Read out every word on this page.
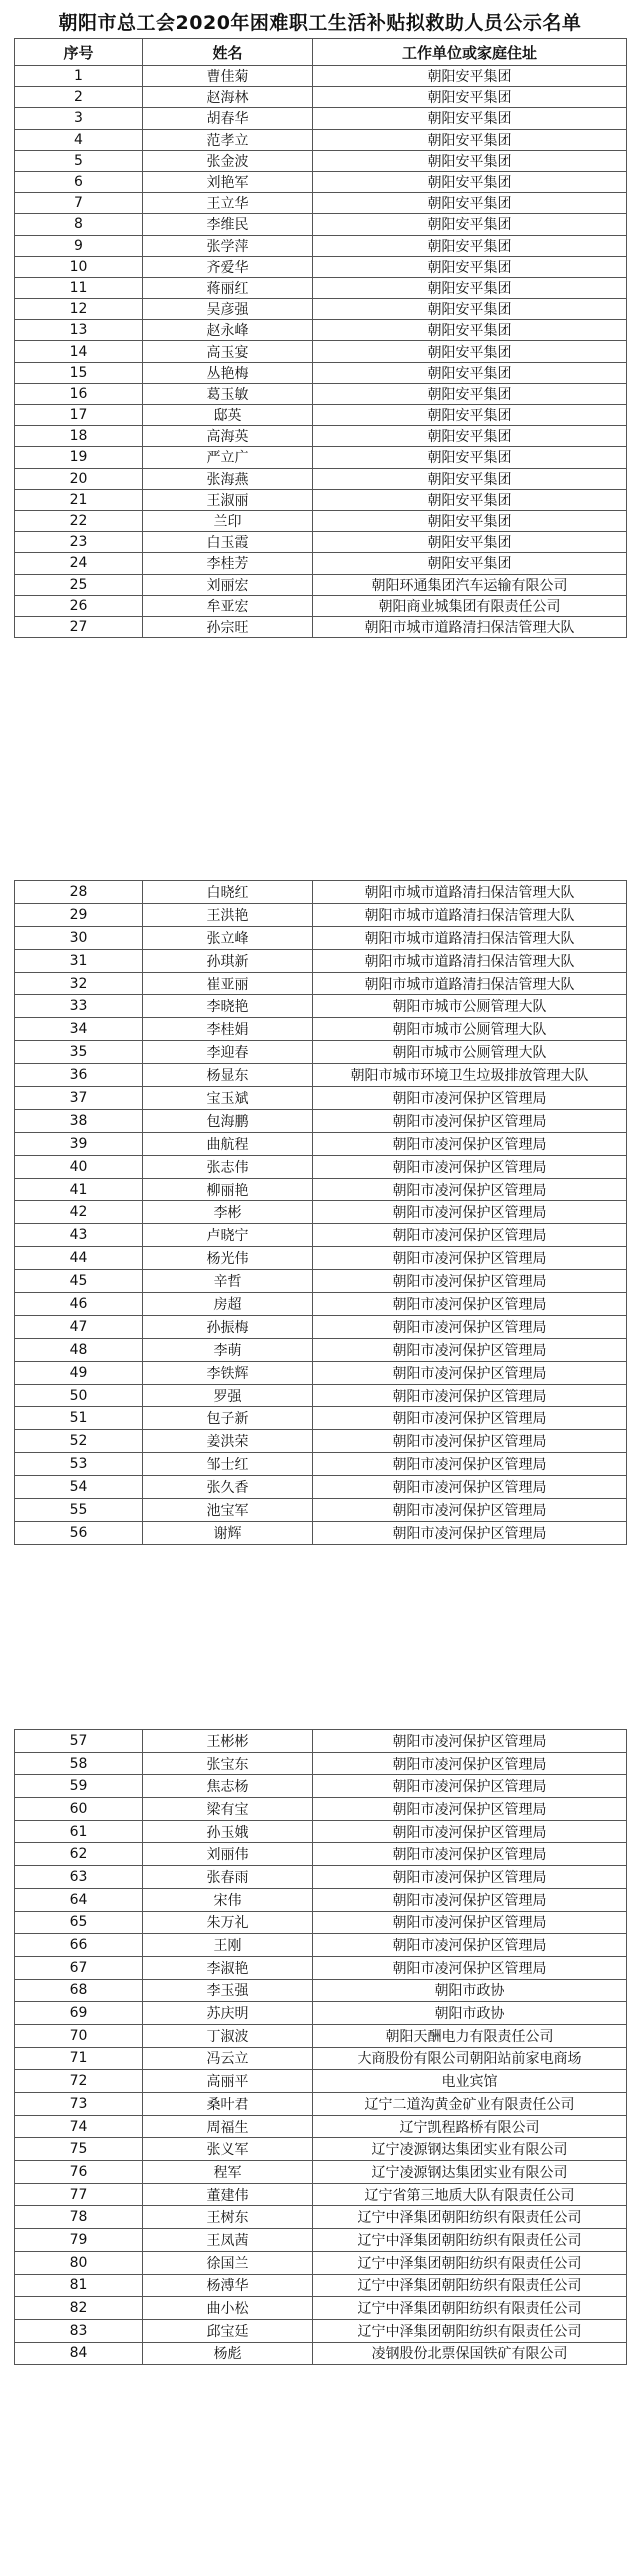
朝阳市总工会2020年困难职工生活补贴拟救助人员公示名单
序号	姓名	工作单位或家庭住址
1	曹佳菊	朝阳安平集团
2	赵海林	朝阳安平集团
3	胡春华	朝阳安平集团
4	范孝立	朝阳安平集团
5	张金波	朝阳安平集团
6	刘艳军	朝阳安平集团
7	王立华	朝阳安平集团
8	李维民	朝阳安平集团
9	张学萍	朝阳安平集团
10	齐爱华	朝阳安平集团
11	蒋丽红	朝阳安平集团
12	吴彦强	朝阳安平集团
13	赵永峰	朝阳安平集团
14	高玉宴	朝阳安平集团
15	丛艳梅	朝阳安平集团
16	葛玉敏	朝阳安平集团
17	邸英	朝阳安平集团
18	高海英	朝阳安平集团
19	严立广	朝阳安平集团
20	张海燕	朝阳安平集团
21	王淑丽	朝阳安平集团
22	兰印	朝阳安平集团
23	白玉霞	朝阳安平集团
24	李桂芳	朝阳安平集团
25	刘丽宏	朝阳环通集团汽车运输有限公司
26	牟亚宏	朝阳商业城集团有限责任公司
27	孙宗旺	朝阳市城市道路清扫保洁管理大队
28	白晓红	朝阳市城市道路清扫保洁管理大队
29	王洪艳	朝阳市城市道路清扫保洁管理大队
30	张立峰	朝阳市城市道路清扫保洁管理大队
31	孙琪新	朝阳市城市道路清扫保洁管理大队
32	崔亚丽	朝阳市城市道路清扫保洁管理大队
33	李晓艳	朝阳市城市公厕管理大队
34	李桂娟	朝阳市城市公厕管理大队
35	李迎春	朝阳市城市公厕管理大队
36	杨显东	朝阳市城市环境卫生垃圾排放管理大队
37	宝玉斌	朝阳市凌河保护区管理局
38	包海鹏	朝阳市凌河保护区管理局
39	曲航程	朝阳市凌河保护区管理局
40	张志伟	朝阳市凌河保护区管理局
41	柳丽艳	朝阳市凌河保护区管理局
42	李彬	朝阳市凌河保护区管理局
43	卢晓宁	朝阳市凌河保护区管理局
44	杨光伟	朝阳市凌河保护区管理局
45	辛哲	朝阳市凌河保护区管理局
46	房超	朝阳市凌河保护区管理局
47	孙振梅	朝阳市凌河保护区管理局
48	李萌	朝阳市凌河保护区管理局
49	李铁辉	朝阳市凌河保护区管理局
50	罗强	朝阳市凌河保护区管理局
51	包子新	朝阳市凌河保护区管理局
52	姜洪荣	朝阳市凌河保护区管理局
53	邹士红	朝阳市凌河保护区管理局
54	张久香	朝阳市凌河保护区管理局
55	池宝军	朝阳市凌河保护区管理局
56	谢辉	朝阳市凌河保护区管理局
57	王彬彬	朝阳市凌河保护区管理局
58	张宝东	朝阳市凌河保护区管理局
59	焦志杨	朝阳市凌河保护区管理局
60	梁有宝	朝阳市凌河保护区管理局
61	孙玉娥	朝阳市凌河保护区管理局
62	刘丽伟	朝阳市凌河保护区管理局
63	张春雨	朝阳市凌河保护区管理局
64	宋伟	朝阳市凌河保护区管理局
65	朱万礼	朝阳市凌河保护区管理局
66	王刚	朝阳市凌河保护区管理局
67	李淑艳	朝阳市凌河保护区管理局
68	李玉强	朝阳市政协
69	苏庆明	朝阳市政协
70	丁淑波	朝阳天酬电力有限责任公司
71	冯云立	大商股份有限公司朝阳站前家电商场
72	高丽平	电业宾馆
73	桑叶君	辽宁二道沟黄金矿业有限责任公司
74	周福生	辽宁凯程路桥有限公司
75	张义军	辽宁凌源钢达集团实业有限公司
76	程军	辽宁凌源钢达集团实业有限公司
77	董建伟	辽宁省第三地质大队有限责任公司
78	王树东	辽宁中泽集团朝阳纺织有限责任公司
79	王凤茜	辽宁中泽集团朝阳纺织有限责任公司
80	徐国兰	辽宁中泽集团朝阳纺织有限责任公司
81	杨溥华	辽宁中泽集团朝阳纺织有限责任公司
82	曲小松	辽宁中泽集团朝阳纺织有限责任公司
83	邱宝廷	辽宁中泽集团朝阳纺织有限责任公司
84	杨彪	凌钢股份北票保国铁矿有限公司
